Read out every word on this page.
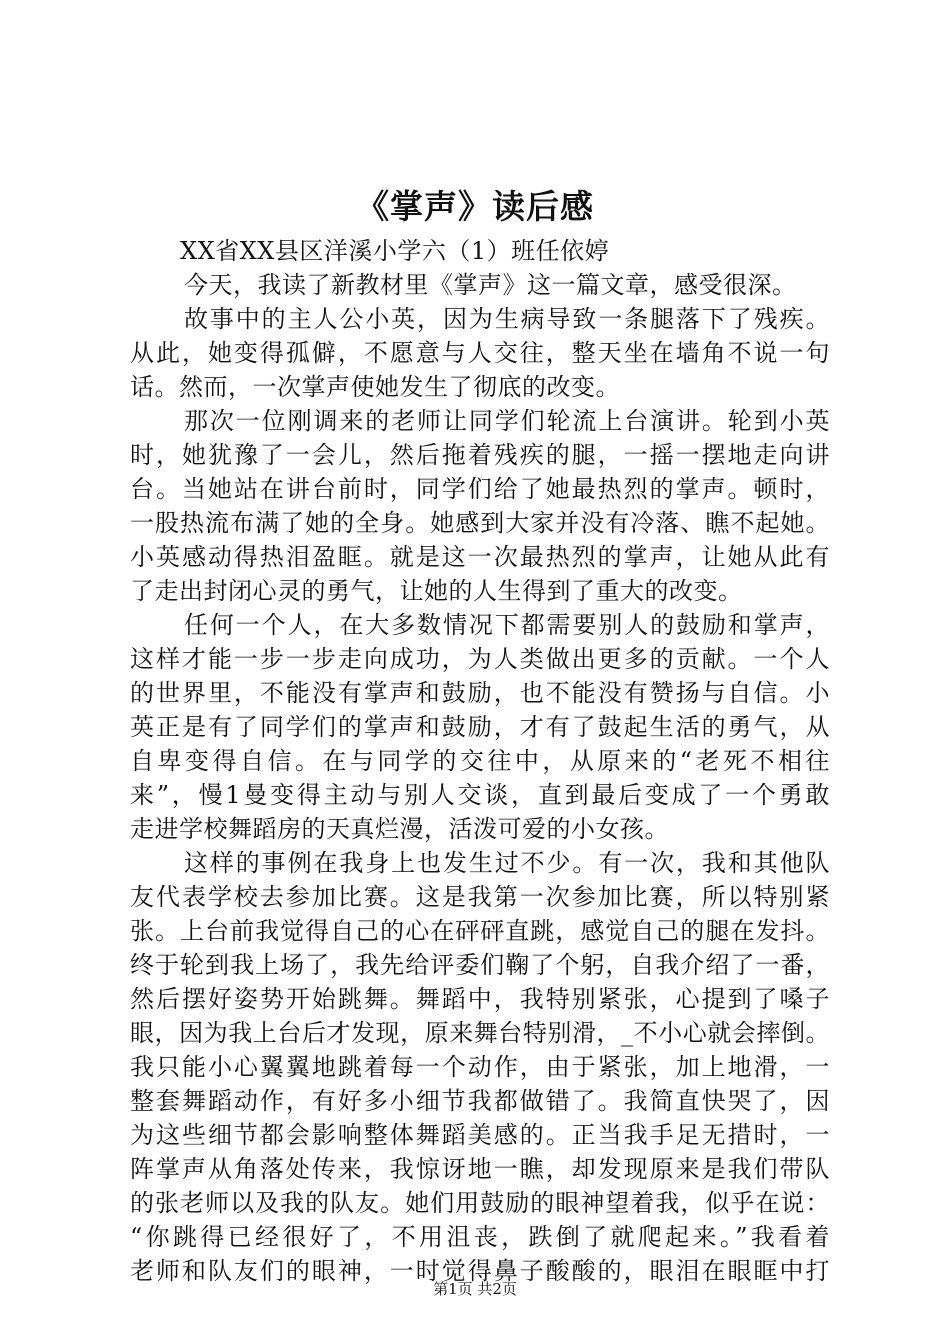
《掌声》读后感
XX省XX县区洋溪小学六（1）班任依婷
今天，我读了新教材里《掌声》这一篇文章，感受很深。
故事中的主人公小英，因为生病导致一条腿落下了残疾。
从此，她变得孤僻，不愿意与人交往，整天坐在墙角不说一句
话。然而，一次掌声使她发生了彻底的改变。
那次一位刚调来的老师让同学们轮流上台演讲。轮到小英
时，她犹豫了一会儿，然后拖着残疾的腿，一摇一摆地走向讲
台。当她站在讲台前时，同学们给了她最热烈的掌声。顿时，
一股热流布满了她的全身。她感到大家并没有冷落、瞧不起她。
小英感动得热泪盈眶。就是这一次最热烈的掌声，让她从此有
了走出封闭心灵的勇气，让她的人生得到了重大的改变。
任何一个人，在大多数情况下都需要别人的鼓励和掌声，
这样才能一步一步走向成功，为人类做出更多的贡献。一个人
的世界里，不能没有掌声和鼓励，也不能没有赞扬与自信。小
英正是有了同学们的掌声和鼓励，才有了鼓起生活的勇气，从
自卑变得自信。在与同学的交往中，从原来的“老死不相往
来”，慢1曼变得主动与别人交谈，直到最后变成了一个勇敢
走进学校舞蹈房的天真烂漫，活泼可爱的小女孩。
这样的事例在我身上也发生过不少。有一次，我和其他队
友代表学校去参加比赛。这是我第一次参加比赛，所以特别紧
张。上台前我觉得自己的心在砰砰直跳，感觉自己的腿在发抖。
终于轮到我上场了，我先给评委们鞠了个躬，自我介绍了一番，
然后摆好姿势开始跳舞。舞蹈中，我特别紧张，心提到了嗓子
眼，因为我上台后才发现，原来舞台特别滑，_不小心就会摔倒。
我只能小心翼翼地跳着每一个动作，由于紧张，加上地滑，一
整套舞蹈动作，有好多小细节我都做错了。我简直快哭了，因
为这些细节都会影响整体舞蹈美感的。正当我手足无措时，一
阵掌声从角落处传来，我惊讶地一瞧，却发现原来是我们带队
的张老师以及我的队友。她们用鼓励的眼神望着我，似乎在说：
“你跳得已经很好了，不用沮丧，跌倒了就爬起来。”我看着
老师和队友们的眼神，一时觉得鼻子酸酸的，眼泪在眼眶中打
第1页 共2页
